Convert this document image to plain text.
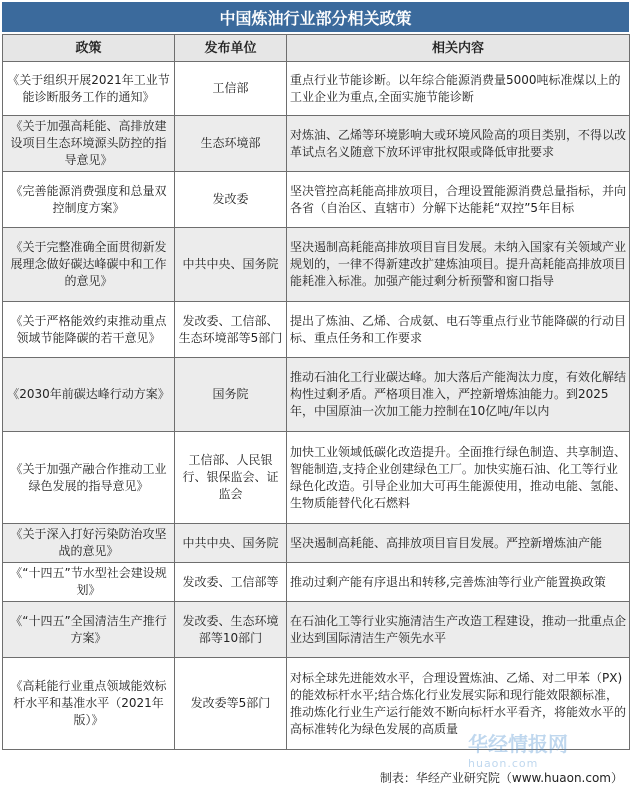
中国炼油行业部分相关政策
政策	发布单位	相关内容
《关于组织开展2021年工业节能诊断服务工作的通知》	工信部	重点行业节能诊断。以年综合能源消费量5000吨标准煤以上的工业企业为重点,全面实施节能诊断
《关于加强高耗能、高排放建设项目生态环境源头防控的指导意见》	生态环境部	对炼油、乙烯等环境影响大或环境风险高的项目类别，不得以改革试点名义随意下放环评审批权限或降低审批要求
《完善能源消费强度和总量双控制度方案》	发改委	坚决管控高耗能高排放项目，合理设置能源消费总量指标，并向各省（自治区、直辖市）分解下达能耗“双控”5年目标
《关于完整准确全面贯彻新发展理念做好碳达峰碳中和工作的意见》	中共中央、国务院	坚决遏制高耗能高排放项目盲目发展。未纳入国家有关领域产业规划的，一律不得新建改扩建炼油项目。提升高耗能高排放项目能耗准入标准。加强产能过剩分析预警和窗口指导
《关于严格能效约束推动重点领域节能降碳的若干意见》	发改委、工信部、生态环境部等5部门	提出了炼油、乙烯、合成氨、电石等重点行业节能降碳的行动目标、重点任务和工作要求
《2030年前碳达峰行动方案》	国务院	推动石油化工行业碳达峰。加大落后产能淘汰力度，有效化解结构性过剩矛盾。严格项目准入，严控新增炼油能力。到2025年，中国原油一次加工能力控制在10亿吨/年以内
《关于加强产融合作推动工业绿色发展的指导意见》	工信部、人民银行、银保监会、证监会	加快工业领域低碳化改造提升。全面推行绿色制造、共享制造、智能制造,支持企业创建绿色工厂。加快实施石油、化工等行业绿色化改造。引导企业加大可再生能源使用，推动电能、氢能、生物质能替代化石燃料
《关于深入打好污染防治攻坚战的意见》	中共中央、国务院	坚决遏制高耗能、高排放项目盲目发展。严控新增炼油产能
《“十四五”节水型社会建设规划》	发改委、工信部等	推动过剩产能有序退出和转移,完善炼油等行业产能置换政策
《“十四五”全国清洁生产推行方案》	发改委、生态环境部等10部门	在石油化工等行业实施清洁生产改造工程建设，推动一批重点企业达到国际清洁生产领先水平
《高耗能行业重点领域能效标杆水平和基准水平（2021年版）》	发改委等5部门	对标全球先进能效水平，合理设置炼油、乙烯、对二甲苯（PX)的能效标杆水平;结合炼化行业发展实际和现行能效限额标准，推动炼化行业生产运行能效不断向标杆水平看齐，将能效水平的高标准转化为绿色发展的高质量
华经情报网
huaon.com
制表：华经产业研究院（www.huaon.com）
